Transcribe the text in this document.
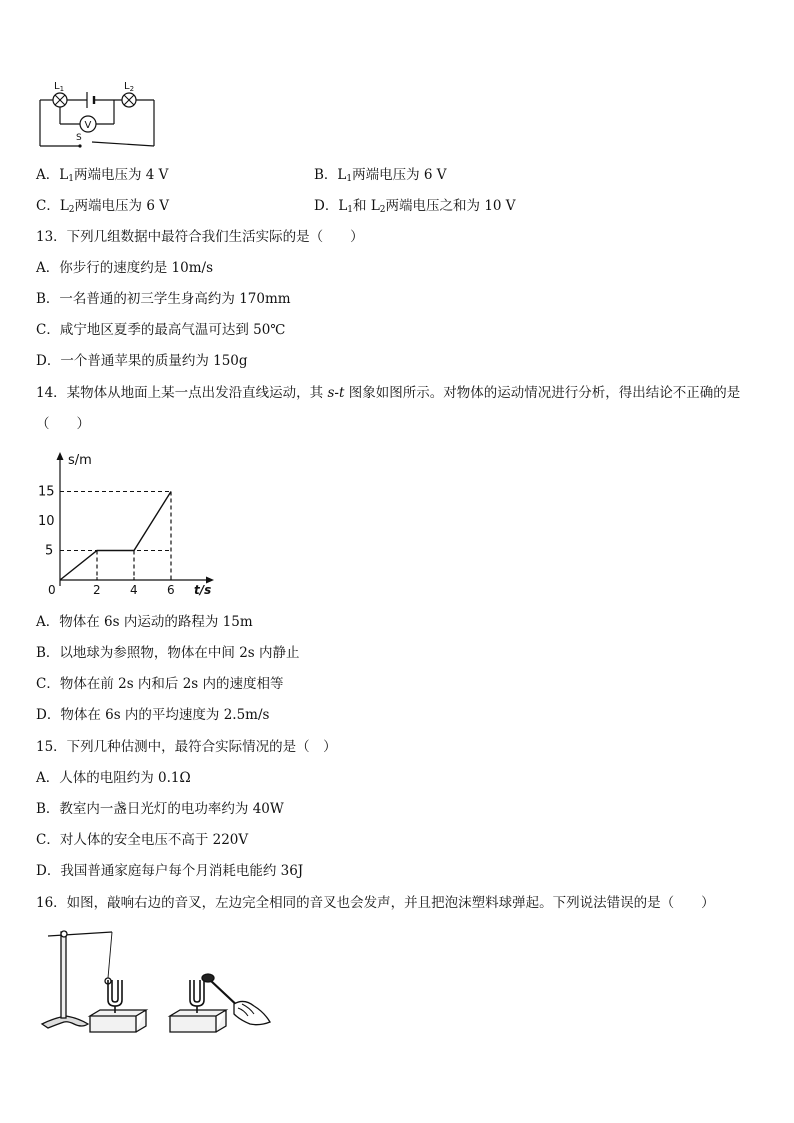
V
S
$L_1$	$L_2$
A．$L_1$两端电压为 4 V	B．$L_1$两端电压为 6 V
C．$L_2$两端电压为 6 V	D．$L_1$和 $L_2$两端电压之和为 10 V
13．下列几组数据中最符合我们生活实际的是（　　）
A．你步行的速度约是 10m/s
B．一名普通的初三学生身高约为 170mm
C．咸宁地区夏季的最高气温可达到 50℃
D．一个普通苹果的质量约为 150g
14．某物体从地面上某一点出发沿直线运动，其 s-t 图象如图所示。对物体的运动情况进行分析，得出结论不正确的是
（　　）
s/m
t/s
0	2 4 6
5
10
15
A．物体在 6s 内运动的路程为 15m
B．以地球为参照物，物体在中间 2s 内静止
C．物体在前 2s 内和后 2s 内的速度相等
D．物体在 6s 内的平均速度为 2.5m/s
15．下列几种估测中，最符合实际情况的是（　）
A．人体的电阻约为 0.1Ω
B．教室内一盏日光灯的电功率约为 40W
C．对人体的安全电压不高于 220V
D．我国普通家庭每户每个月消耗电能约 36J
16．如图，敲响右边的音叉，左边完全相同的音叉也会发声，并且把泡沫塑料球弹起。下列说法错误的是（　　）
